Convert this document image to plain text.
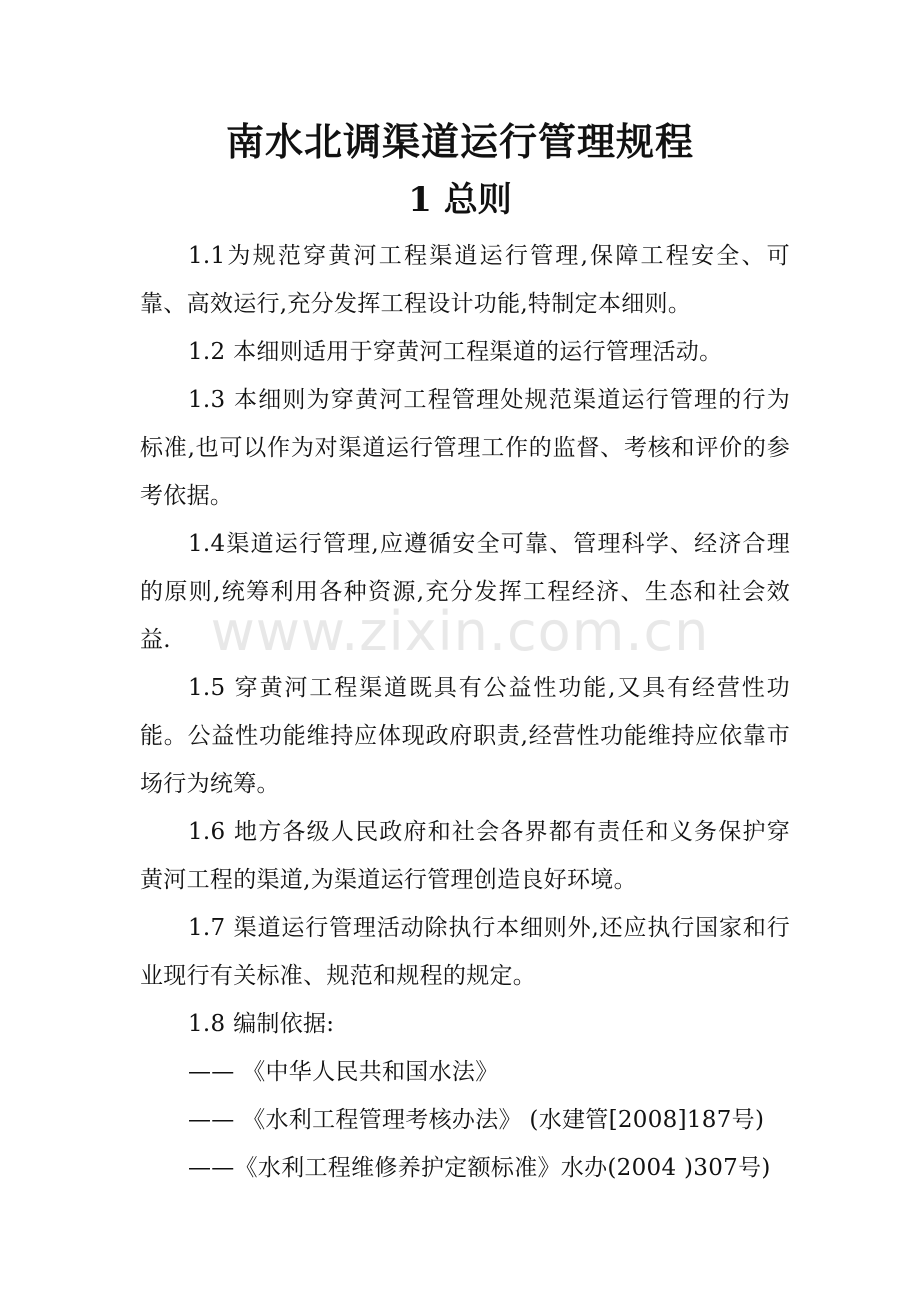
南水北调渠道运行管理规程
1 总则

1.1为规范穿黄河工程渠逍运行管理,保障工程安全、可靠、高效运行,充分发挥工程设计功能,特制定本细则。

1.2 本细则适用于穿黄河工程渠道的运行管理活动。

1.3 本细则为穿黄河工程管理处规范渠道运行管理的行为标准,也可以作为对渠道运行管理工作的监督、考核和评价的参考依据。

1.4渠道运行管理,应遵循安全可靠、管理科学、经济合理的原则,统筹利用各种资源,充分发挥工程经济、生态和社会效益.

1.5 穿黄河工程渠道既具有公益性功能,又具有经营性功能。公益性功能维持应体现政府职责,经营性功能维持应依靠市场行为统筹。

1.6 地方各级人民政府和社会各界都有责任和义务保护穿黄河工程的渠道,为渠道运行管理创造良好环境。

1.7 渠道运行管理活动除执行本细则外,还应执行国家和行业现行有关标准、规范和规程的规定。

1.8 编制依据:

—— 《中华人民共和国水法》

—— 《水利工程管理考核办法》 (水建管[2008]187号)

——《水利工程维修养护定额标准》水办(2004 )307号)

www.zixin.com.cn
